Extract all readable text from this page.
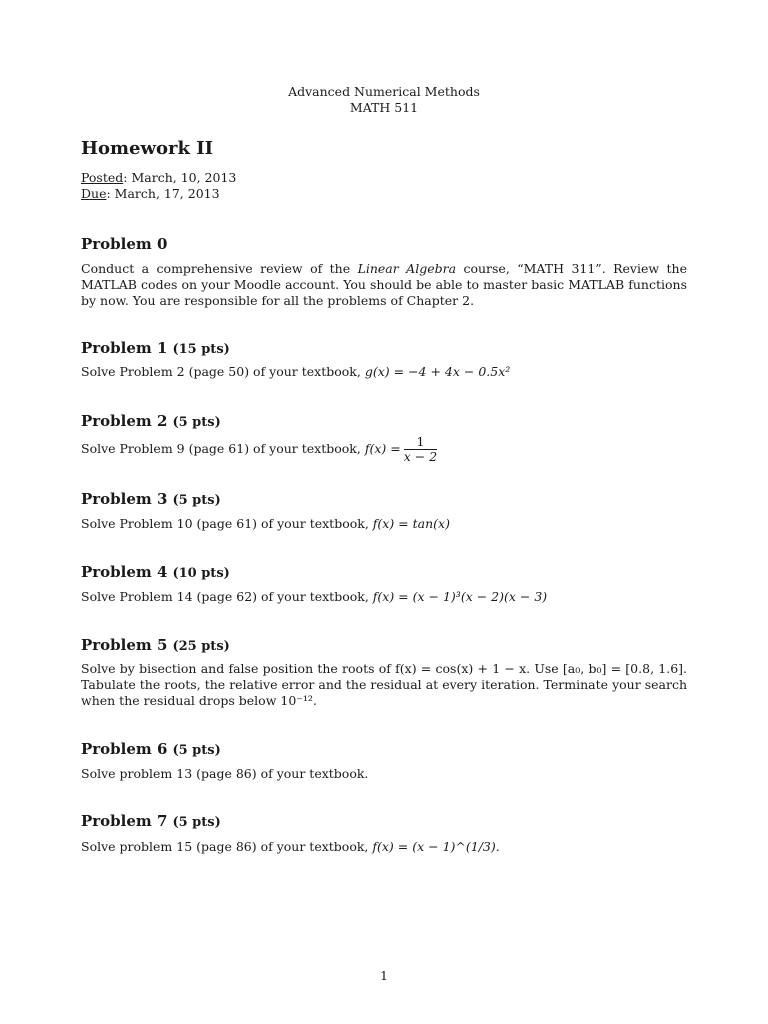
Advanced Numerical Methods
MATH 511
Homework II
Posted: March, 10, 2013
Due: March, 17, 2013
Problem 0
Conduct a comprehensive review of the Linear Algebra course, “MATH 311”. Review the MATLAB codes on your Moodle account. You should be able to master basic MATLAB functions by now. You are responsible for all the problems of Chapter 2.
Problem 1 (15 pts)
Solve Problem 2 (page 50) of your textbook, g(x) = −4 + 4x − 0.5x²
Problem 2 (5 pts)
Solve Problem 9 (page 61) of your textbook, $f(x) = \frac{1}{x - 2}$
Problem 3 (5 pts)
Solve Problem 10 (page 61) of your textbook, f(x) = tan(x)
Problem 4 (10 pts)
Solve Problem 14 (page 62) of your textbook, f(x) = (x − 1)³(x − 2)(x − 3)
Problem 5 (25 pts)
Solve by bisection and false position the roots of f(x) = cos(x) + 1 − x. Use [a₀, b₀] = [0.8, 1.6]. Tabulate the roots, the relative error and the residual at every iteration. Terminate your search when the residual drops below 10⁻¹².
Problem 6 (5 pts)
Solve problem 13 (page 86) of your textbook.
Problem 7 (5 pts)
Solve problem 15 (page 86) of your textbook, f(x) = (x − 1)^(1/3).
1
